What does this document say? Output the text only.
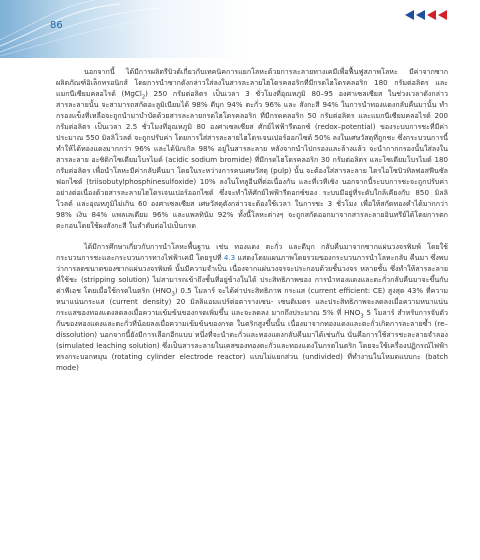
86

นอกจากนี้ ได้มีการผลิตรีบิวต์เกี่ยวกับเทคนิคการแยกโลหะด้วยการละลายทางเคมีเพื่อฟื้นฟูสภาพโลหะ มีค่าจากซากผลิตภัณฑ์อิเล็กทรอนิกส์ โดยการนำซากดังกล่าวใส่ลงในสารละลายไฮโดรคลอริกที่มีกรดไฮโดรคลอริก 180 กรัมต่อลิตร และแมกนีเซียมคลอไรด์ (MgCl$_2$) 250 กรัมต่อลิตร เป็นเวลา 3 ชั่วโมงที่อุณหภูมิ 80–95 องศาเซลเซียส ในช่วงเวลาดังกล่าวสารละลายนั้น จะสามารถสกัดอะลูมิเนียมได้ 98% ดีบุก 94% ตะกั่ว 96% และ สังกะสี 94% ในการนำทองแดงกลับคืนมานั้น ทำกรองแข็งที่เหลือจะถูกนำมาบำบัดด้วยสารละลายกรดไฮโดรคลอริก ที่มีกรดคลอริก 50 กรัมต่อลิตร และแมกนีเซียมคลอไรด์ 200 กรัมต่อลิตร เป็นเวลา 2.5 ชั่วโมงที่อุณหภูมิ 80 องศาเซลเซียส ศักย์ไฟฟ้ารีดอกซ์ (redox–potential) ของระบบการชะที่มีค่าประมาณ 550 มิลลิโวลต์ จะถูกปรับค่า โดยการใส่สารละลายไฮโดรเจนเปอร์ออกไซด์ 50% ลงในเศษวัสดุที่ถูกชะ ซึ่งกระบวนการนี้ทำให้ได้ทองแดงมากกว่า 96% และได้นิกเกิล 98% อยู่ในสารละลาย หลังจากนำไปกรองและล้างแล้ว จะนำกากกรองนั้นใส่ลงในสารละลาย อะซิดิกโซเดียมโบรไมด์ (acidic sodium bromide) ที่มีกรดไฮโดรคลอริก 30 กรัมต่อลิตร และโซเดียมโบรไมด์ 180 กรัมต่อลิตร เพื่อนำโลหะมีค่ากลับคืนมา โดยในระหว่างการคนเศษวัสดุ (pulp) นั้น จะต้องใส่สารละลาย ไตรไอโซบิวทิลฟอสฟีนซัลฟอกไซด์ (triisobutylphosphinesulfoxide) 10% ลงในโทลูอีนที่ต่อเนื่องกัน และที่เวทีเซิง นอกจากนี้ระบบการชะจะถูกปรับค่าอย่างต่อเนื่องด้วยสารละลายไฮโดรเจนเปอร์ออกไซด์ ซึ่งจะทำให้ศักย์ไฟฟ้ารีดอกซ์ของ ระบบมีอยู่ที่ระดับใกล้เคียงกับ 850 มิลลิโวลต์ และอุณหภูมิไม่เกิน 60 องศาเซลเซียส เศษวัสดุดังกล่าวจะต้องใช้เวลา ในการชะ 3 ชั่วโมง เพื่อให้สกัดทองคำได้มากกว่า 98% เงิน 84% แพลเลเดียม 96% และแพลทินัม 92% ทั้งนี้โลหะต่างๆ จะถูกสกัดออกมาจากสารละลายอินทรีย์ได้โดยการตกตะกอนโดยใช้ผงสังกะสี ในลำดับต่อไปเป็นกรด

ได้มีการศึกษาเกี่ยวกับการนำโลหะพื้นฐาน เช่น ทองแดง ตะกั่ว และดีบุก กลับคืนมาจากซากแผ่นวงจรพิมพ์ โดยใช้กระบวนการชะและกระบวนการทางไฟฟ้าเคมี โดยรูปที่ 4.3 แสดงโดยแผนภาพโดยรวมของกระบวนการนำโลหะกลับ คืนมา ซึ่งพบว่าการลดขนาดของซากแผ่นวงจรพิมพ์ นั้นมีความจำเป็น เนื่องจากแผ่นวงจรจะประกอบด้วยชั้นวงจร หลายชั้น ซึ่งทำให้สารละลายที่ใช้ชะ (stripping solution) ไม่สามารถเข้าถึงชั้นที่อยู่ข้างในได้ ประสิทธิภาพของ การนำทองแดงและตะกั่วกลับคืนมาจะขึ้นกับค่าพีเอช โดยเมื่อใช้กรดไนตริก $(HNO_3)$ 0.5 โมลาร์ จะได้ค่าประสิทธิภาพ กระแส (current efficient: CE) สูงสุด 43% ที่ความหนาแน่นกระแส (current density) 20 มิลลิแอมแปร์ต่อตารางเซน- เซนติเมตร และประสิทธิภาพจะลดลงเมื่อความหนาแน่นกระแสของทองแดงลดลงเมื่อความเข้มข้นของกรดเพิ่มขึ้น และจะลดลง มากถึงประมาณ 5% ที่ $HNO_3$ 5 โมลาร์ สำหรับการจับตัวกันของทองแดงและตะกั่วที่น้อยลงเมื่อความเข้มข้นของกรด ในตริกสูงขึ้นนั้น เนื่องมาจากทองแดงและตะกั่วเกิดการละลายซ้ำ (re–dissolution) นอกจากนี้ยังมีการเลือกอีกแบบ หนึ่งที่จะนำตะกั่วและทองแดงกลับคืนมาได้เช่นกัน นั่นคือการใช้สารชะละลายจำลอง (simulated leaching solution) ซึ่งเป็นสารละลายในเคสของทองตะกั่วและทองแดงในกรดไนตริก โดยจะใช้เครื่องปฏิกรณ์ไฟฟ้าทรงกระบอกหมุน (rotating cylinder electrode reactor) แบบไม่แยกส่วน (undivided) ที่ทำงานในโหมดแบบกะ (batch mode)
